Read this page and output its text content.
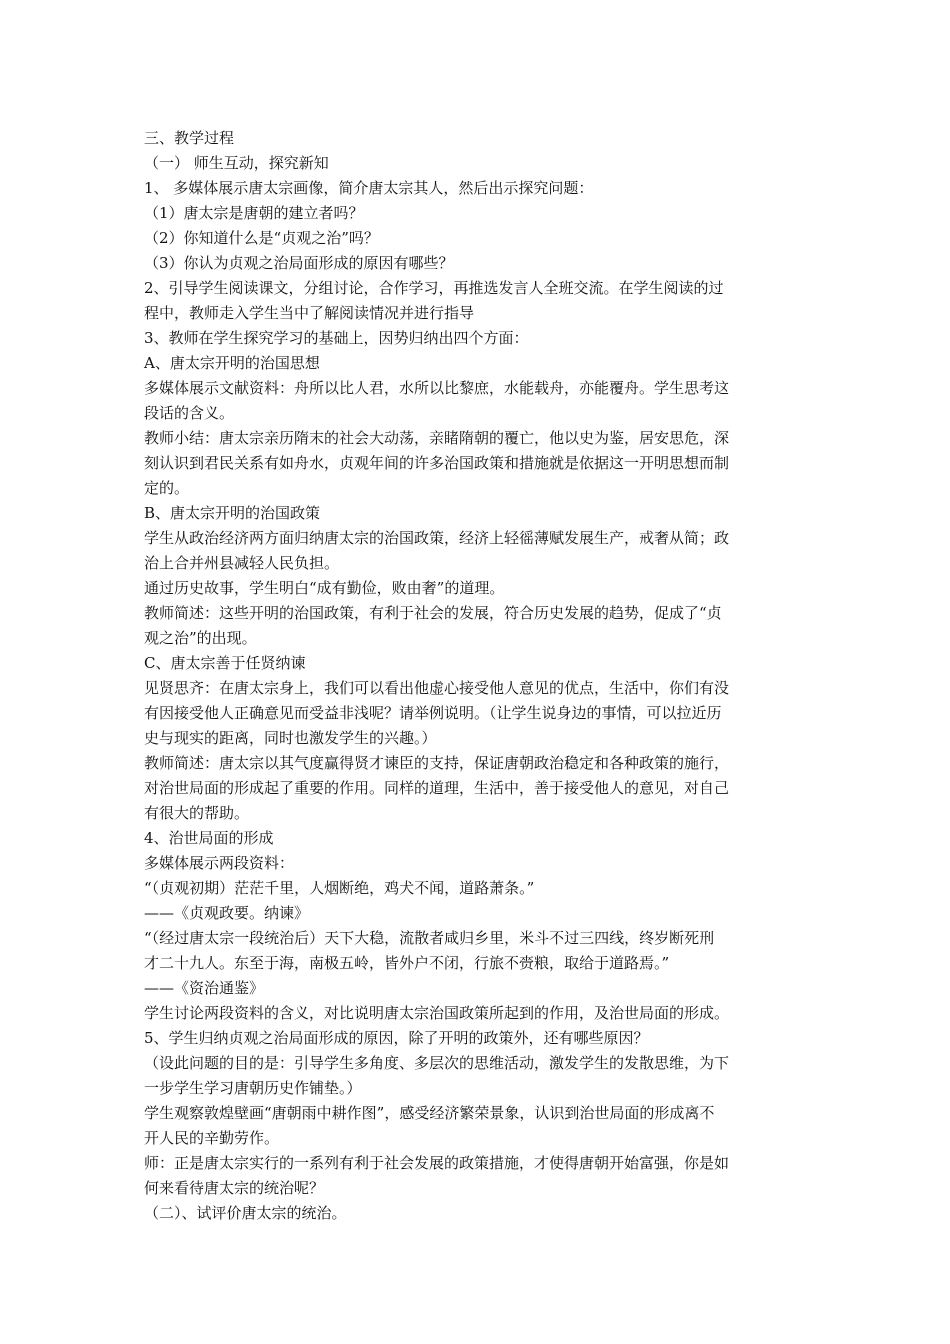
三、教学过程
（一） 师生互动，探究新知
1、 多媒体展示唐太宗画像，简介唐太宗其人，然后出示探究问题：
（1）唐太宗是唐朝的建立者吗？
（2）你知道什么是“贞观之治”吗？
（3）你认为贞观之治局面形成的原因有哪些？
2、引导学生阅读课文，分组讨论，合作学习，再推选发言人全班交流。在学生阅读的过
程中，教师走入学生当中了解阅读情况并进行指导
3、教师在学生探究学习的基础上，因势归纳出四个方面：
A、唐太宗开明的治国思想
多媒体展示文献资料：舟所以比人君，水所以比黎庶，水能载舟，亦能覆舟。学生思考这
段话的含义。
教师小结：唐太宗亲历隋末的社会大动荡，亲睹隋朝的覆亡，他以史为鉴，居安思危，深
刻认识到君民关系有如舟水，贞观年间的许多治国政策和措施就是依据这一开明思想而制
定的。
B、唐太宗开明的治国政策
学生从政治经济两方面归纳唐太宗的治国政策，经济上轻徭薄赋发展生产，戒奢从简；政
治上合并州县减轻人民负担。
通过历史故事，学生明白“成有勤俭，败由奢”的道理。
教师简述：这些开明的治国政策，有利于社会的发展，符合历史发展的趋势，促成了“贞
观之治”的出现。
C、唐太宗善于任贤纳谏
见贤思齐：在唐太宗身上，我们可以看出他虚心接受他人意见的优点，生活中，你们有没
有因接受他人正确意见而受益非浅呢？请举例说明。（让学生说身边的事情，可以拉近历
史与现实的距离，同时也激发学生的兴趣。）
教师简述：唐太宗以其气度赢得贤才谏臣的支持，保证唐朝政治稳定和各种政策的施行，
对治世局面的形成起了重要的作用。同样的道理，生活中，善于接受他人的意见，对自己
有很大的帮助。
4、治世局面的形成
多媒体展示两段资料：
“（贞观初期）茫茫千里，人烟断绝，鸡犬不闻，道路萧条。”
——《贞观政要。纳谏》
“（经过唐太宗一段统治后）天下大稳，流散者咸归乡里，米斗不过三四线，终岁断死刑
才二十九人。东至于海，南极五岭，皆外户不闭，行旅不赍粮，取给于道路焉。”
——《资治通鉴》
学生讨论两段资料的含义，对比说明唐太宗治国政策所起到的作用，及治世局面的形成。
5、学生归纳贞观之治局面形成的原因，除了开明的政策外，还有哪些原因？
（设此问题的目的是：引导学生多角度、多层次的思维活动，激发学生的发散思维，为下
一步学生学习唐朝历史作铺垫。）
学生观察敦煌壁画“唐朝雨中耕作图”，感受经济繁荣景象，认识到治世局面的形成离不
开人民的辛勤劳作。
师：正是唐太宗实行的一系列有利于社会发展的政策措施，才使得唐朝开始富强，你是如
何来看待唐太宗的统治呢？
（二）、试评价唐太宗的统治。
